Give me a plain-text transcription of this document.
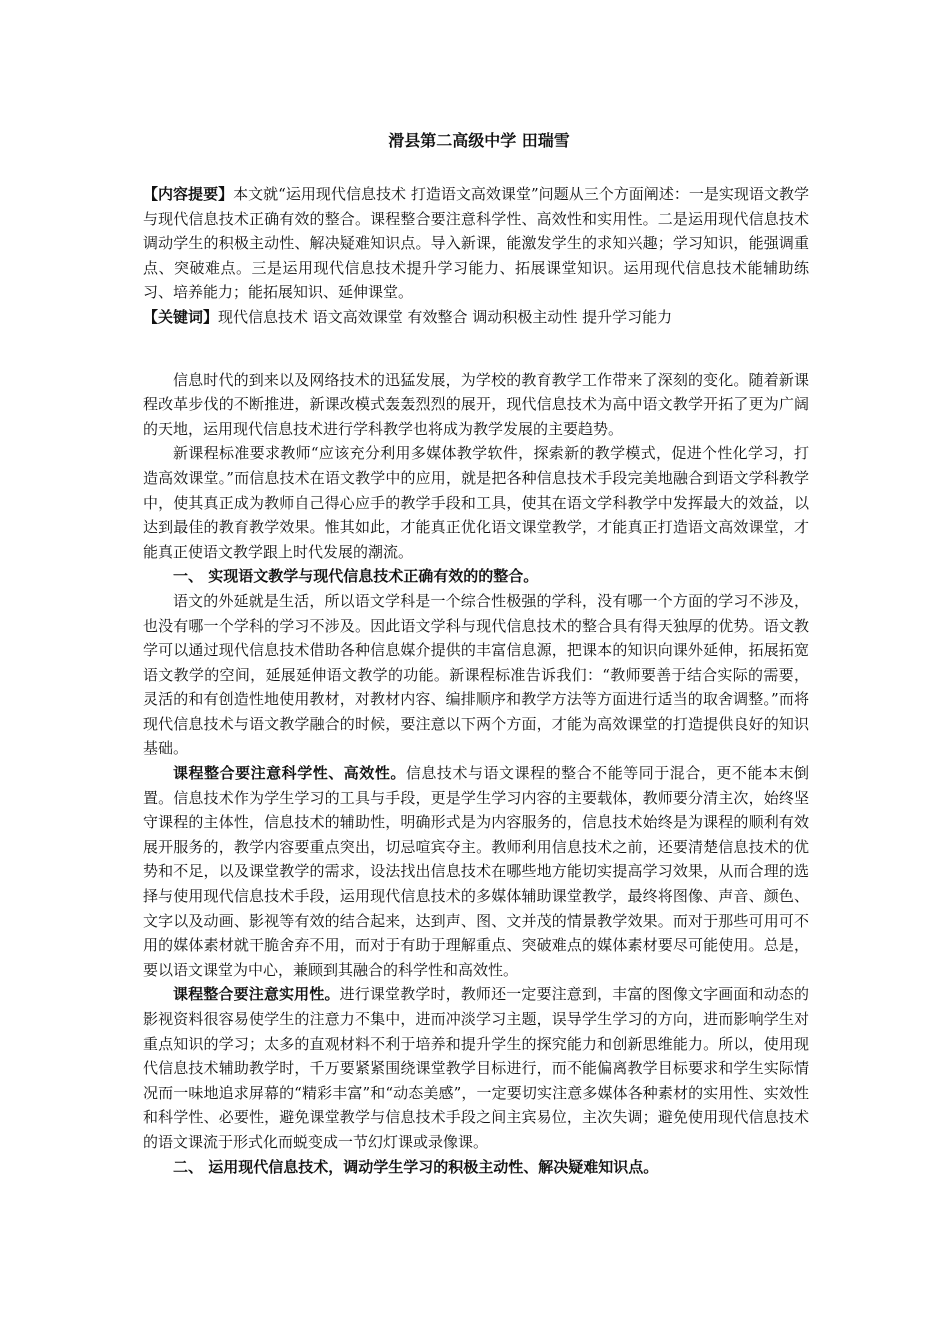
滑县第二高级中学 田瑞雪

【内容提要】本文就“运用现代信息技术 打造语文高效课堂”问题从三个方面阐述：一是实现语文教学与现代信息技术正确有效的整合。课程整合要注意科学性、高效性和实用性。二是运用现代信息技术调动学生的积极主动性、解决疑难知识点。导入新课，能激发学生的求知兴趣；学习知识，能强调重点、突破难点。三是运用现代信息技术提升学习能力、拓展课堂知识。运用现代信息技术能辅助练习、培养能力；能拓展知识、延伸课堂。

【关键词】现代信息技术 语文高效课堂 有效整合 调动积极主动性 提升学习能力

信息时代的到来以及网络技术的迅猛发展，为学校的教育教学工作带来了深刻的变化。随着新课程改革步伐的不断推进，新课改模式轰轰烈烈的展开，现代信息技术为高中语文教学开拓了更为广阔的天地，运用现代信息技术进行学科教学也将成为教学发展的主要趋势。

新课程标准要求教师“应该充分利用多媒体教学软件，探索新的教学模式，促进个性化学习，打造高效课堂。”而信息技术在语文教学中的应用，就是把各种信息技术手段完美地融合到语文学科教学中，使其真正成为教师自己得心应手的教学手段和工具，使其在语文学科教学中发挥最大的效益，以达到最佳的教育教学效果。惟其如此，才能真正优化语文课堂教学，才能真正打造语文高效课堂，才能真正使语文教学跟上时代发展的潮流。

一、 实现语文教学与现代信息技术正确有效的的整合。

语文的外延就是生活，所以语文学科是一个综合性极强的学科，没有哪一个方面的学习不涉及，也没有哪一个学科的学习不涉及。因此语文学科与现代信息技术的整合具有得天独厚的优势。语文教学可以通过现代信息技术借助各种信息媒介提供的丰富信息源，把课本的知识向课外延伸，拓展拓宽语文教学的空间，延展延伸语文教学的功能。新课程标准告诉我们：“教师要善于结合实际的需要，灵活的和有创造性地使用教材，对教材内容、编排顺序和教学方法等方面进行适当的取舍调整。”而将现代信息技术与语文教学融合的时候，要注意以下两个方面，才能为高效课堂的打造提供良好的知识基础。

课程整合要注意科学性、高效性。信息技术与语文课程的整合不能等同于混合，更不能本末倒置。信息技术作为学生学习的工具与手段，更是学生学习内容的主要载体，教师要分清主次，始终坚守课程的主体性，信息技术的辅助性，明确形式是为内容服务的，信息技术始终是为课程的顺利有效展开服务的，教学内容要重点突出，切忌喧宾夺主。教师利用信息技术之前，还要清楚信息技术的优势和不足，以及课堂教学的需求，设法找出信息技术在哪些地方能切实提高学习效果，从而合理的选择与使用现代信息技术手段，运用现代信息技术的多媒体辅助课堂教学，最终将图像、声音、颜色、文字以及动画、影视等有效的结合起来，达到声、图、文并茂的情景教学效果。而对于那些可用可不用的媒体素材就干脆舍弃不用，而对于有助于理解重点、突破难点的媒体素材要尽可能使用。总是，要以语文课堂为中心，兼顾到其融合的科学性和高效性。

课程整合要注意实用性。进行课堂教学时，教师还一定要注意到，丰富的图像文字画面和动态的影视资料很容易使学生的注意力不集中，进而冲淡学习主题，误导学生学习的方向，进而影响学生对重点知识的学习；太多的直观材料不利于培养和提升学生的探究能力和创新思维能力。所以，使用现代信息技术辅助教学时，千万要紧紧围绕课堂教学目标进行，而不能偏离教学目标要求和学生实际情况而一味地追求屏幕的“精彩丰富”和“动态美感”，一定要切实注意多媒体各种素材的实用性、实效性和科学性、必要性，避免课堂教学与信息技术手段之间主宾易位，主次失调；避免使用现代信息技术的语文课流于形式化而蜕变成一节幻灯课或录像课。

二、 运用现代信息技术，调动学生学习的积极主动性、解决疑难知识点。
